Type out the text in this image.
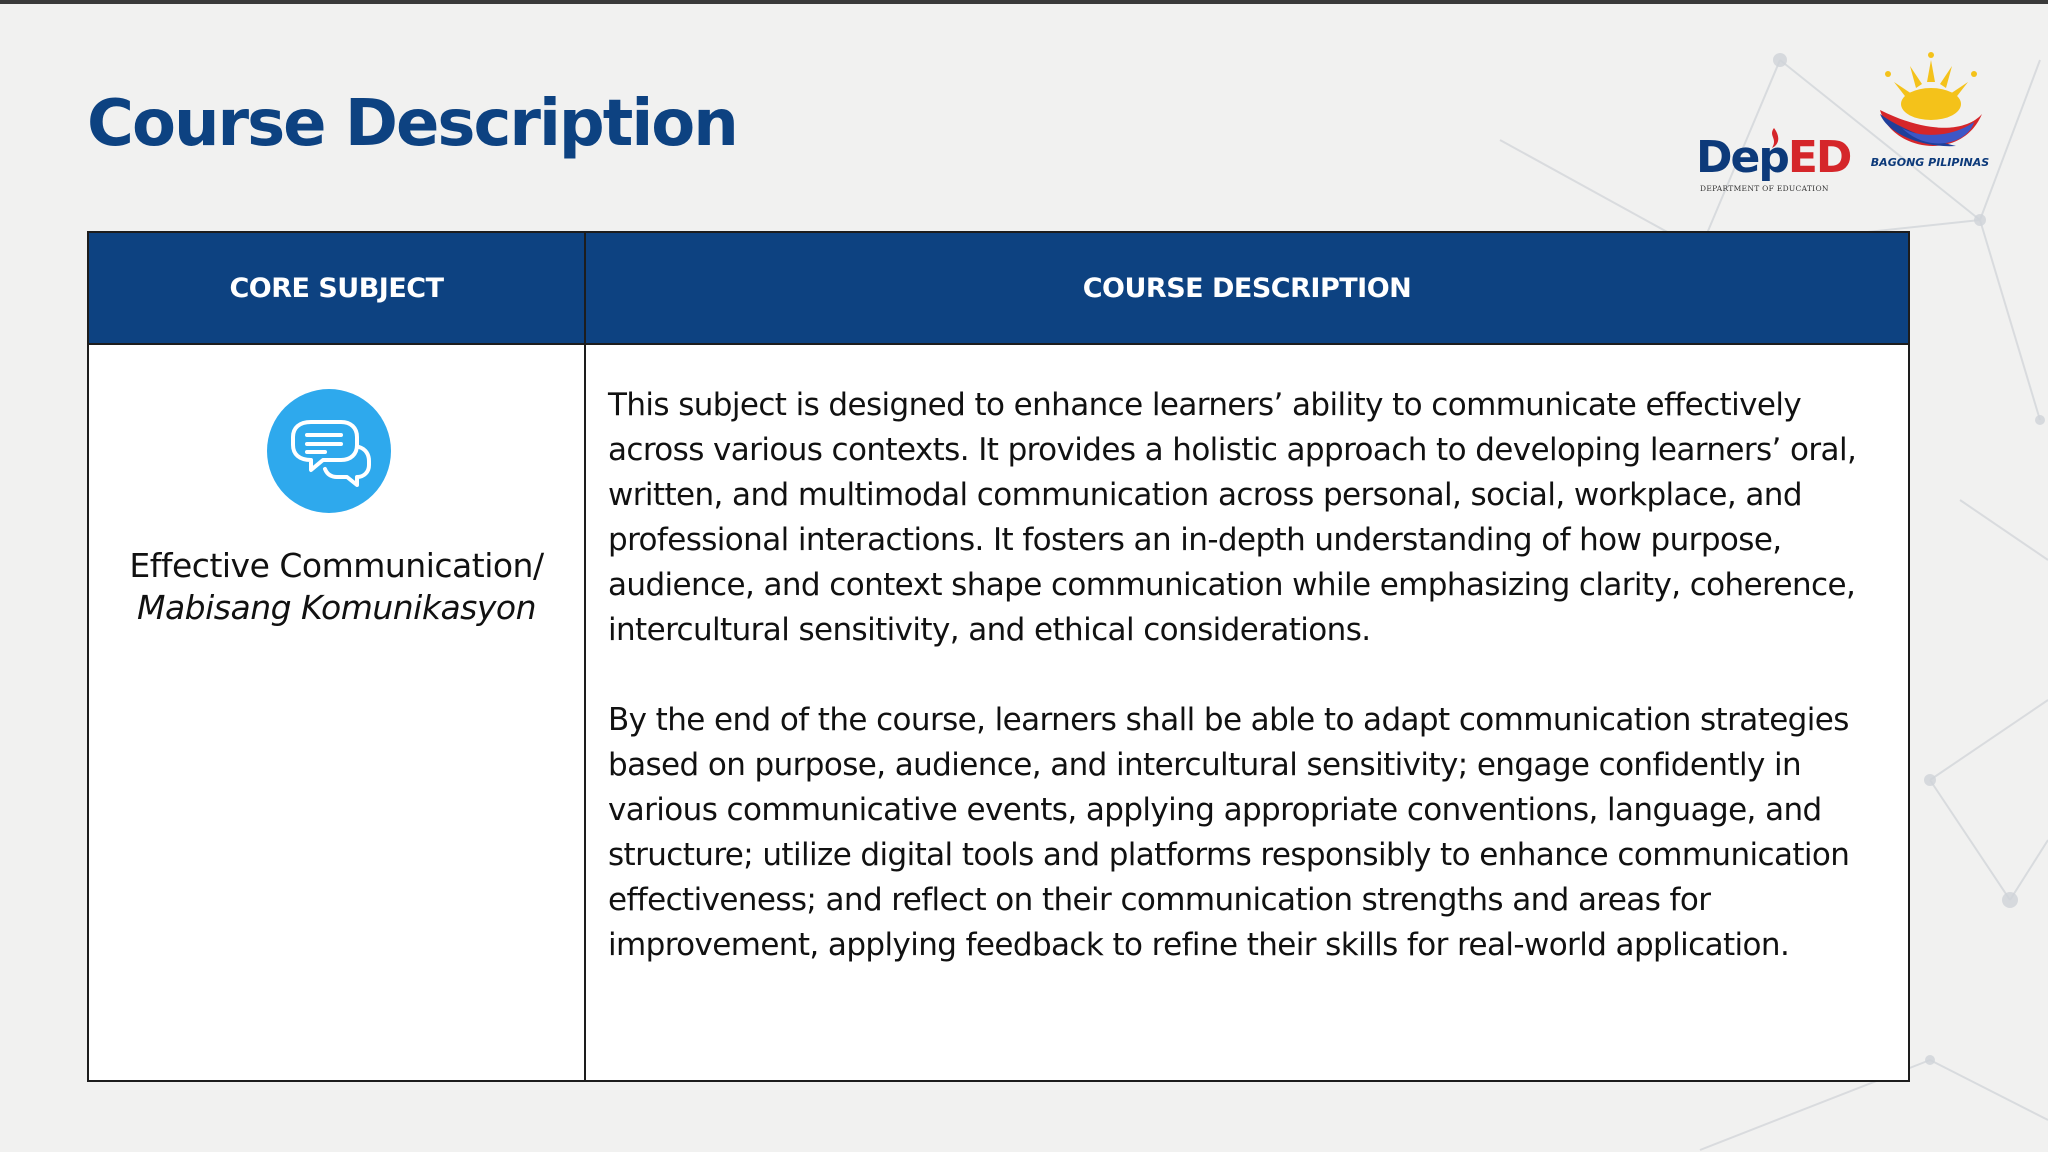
Course Description	DepED
DEPARTMENT OF EDUCATION
BAGONG PILIPINAS
CORE SUBJECT	COURSE DESCRIPTION
Effective Communication/
Mabisang Komunikasyon

This subject is designed to enhance learners’ ability to communicate effectively across various contexts. It provides a holistic approach to developing learners’ oral, written, and multimodal communication across personal, social, workplace, and professional interactions. It fosters an in-depth understanding of how purpose, audience, and context shape communication while emphasizing clarity, coherence, intercultural sensitivity, and ethical considerations.

By the end of the course, learners shall be able to adapt communication strategies based on purpose, audience, and intercultural sensitivity; engage confidently in various communicative events, applying appropriate conventions, language, and structure; utilize digital tools and platforms responsibly to enhance communication effectiveness; and reflect on their communication strengths and areas for improvement, applying feedback to refine their skills for real-world application.
